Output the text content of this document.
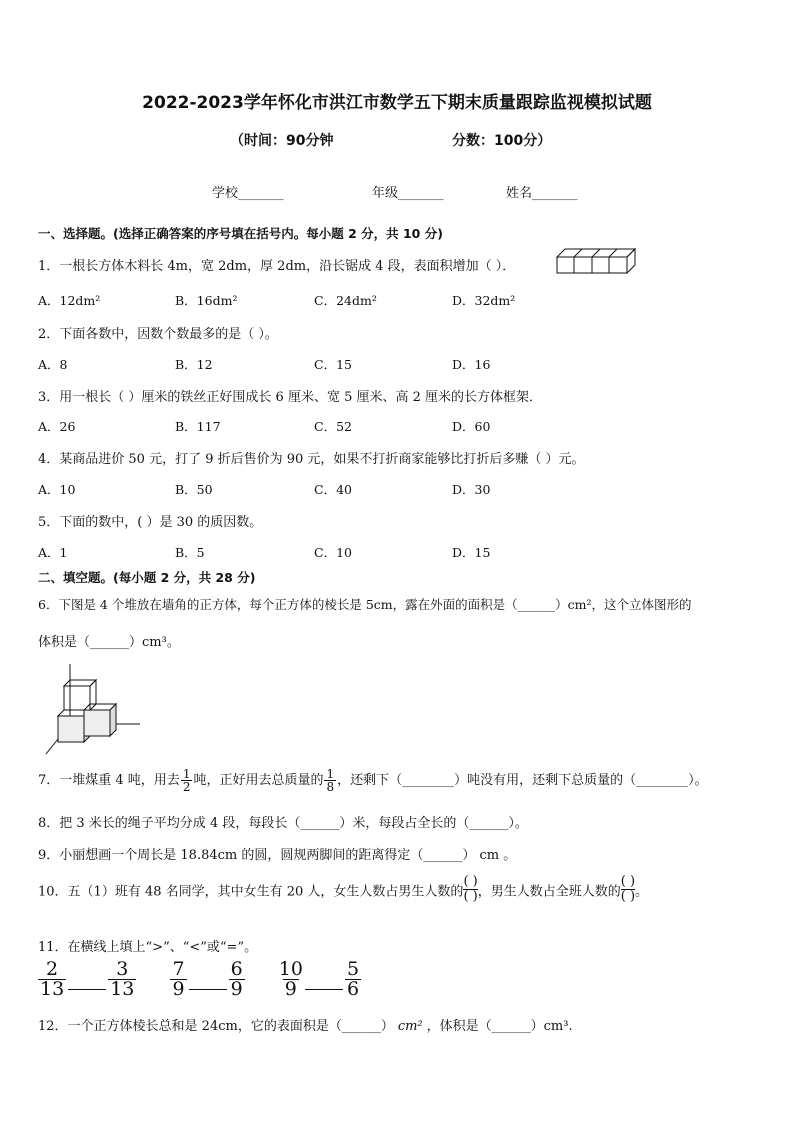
2022-2023学年怀化市洪江市数学五下期末质量跟踪监视模拟试题
（时间：90分钟	分数：100分）
学校_______	年级_______	姓名_______
一、选择题。(选择正确答案的序号填在括号内。每小题 2 分，共 10 分)
1．一根长方体木料长 4m，宽 2dm，厚 2dm，沿长锯成 4 段，表面积增加（ ）．
A．12dm²	B．16dm²	C．24dm²	D．32dm²
2．下面各数中，因数个数最多的是（ ）。
A．8	B．12	C．15	D．16
3．用一根长（ ）厘米的铁丝正好围成长 6 厘米、宽 5 厘米、高 2 厘米的长方体框架．
A．26	B．117	C．52	D．60
4．某商品进价 50 元，打了 9 折后售价为 90 元，如果不打折商家能够比打折后多赚（ ）元。
A．10	B．50	C．40	D．30
5．下面的数中，( ）是 30 的质因数。
A．1	B．5	C．10	D．15
二、填空题。(每小题 2 分，共 28 分)
6．下图是 4 个堆放在墙角的正方体，每个正方体的棱长是 5cm，露在外面的面积是（______）cm²，这个立体图形的
体积是（______）cm³。
7．一堆煤重 4 吨，用去 $\frac{1}{2}$ 吨，正好用去总质量的 $\frac{1}{8}$ ，还剩下（________）吨没有用，还剩下总质量的（________）。
8．把 3 米长的绳子平均分成 4 段，每段长（______）米，每段占全长的（______）。
9．小丽想画一个周长是 18.84cm 的圆，圆规两脚间的距离得定（______） cm 。
10．五（1）班有 48 名同学，其中女生有 20 人，女生人数占男生人数的
( )
( ) ，男生人数占全班人数的
( )
( ) 。
11．在横线上填上“>”、“<”或“=”。
$\frac{2}{13} \frac{3}{13}$
$\frac{7}{9} \frac{6}{9}$
$\frac{10}{9} \frac{5}{6}$
12．一个正方体棱长总和是 24cm，它的表面积是（______） cm² ，体积是（______）cm³.
